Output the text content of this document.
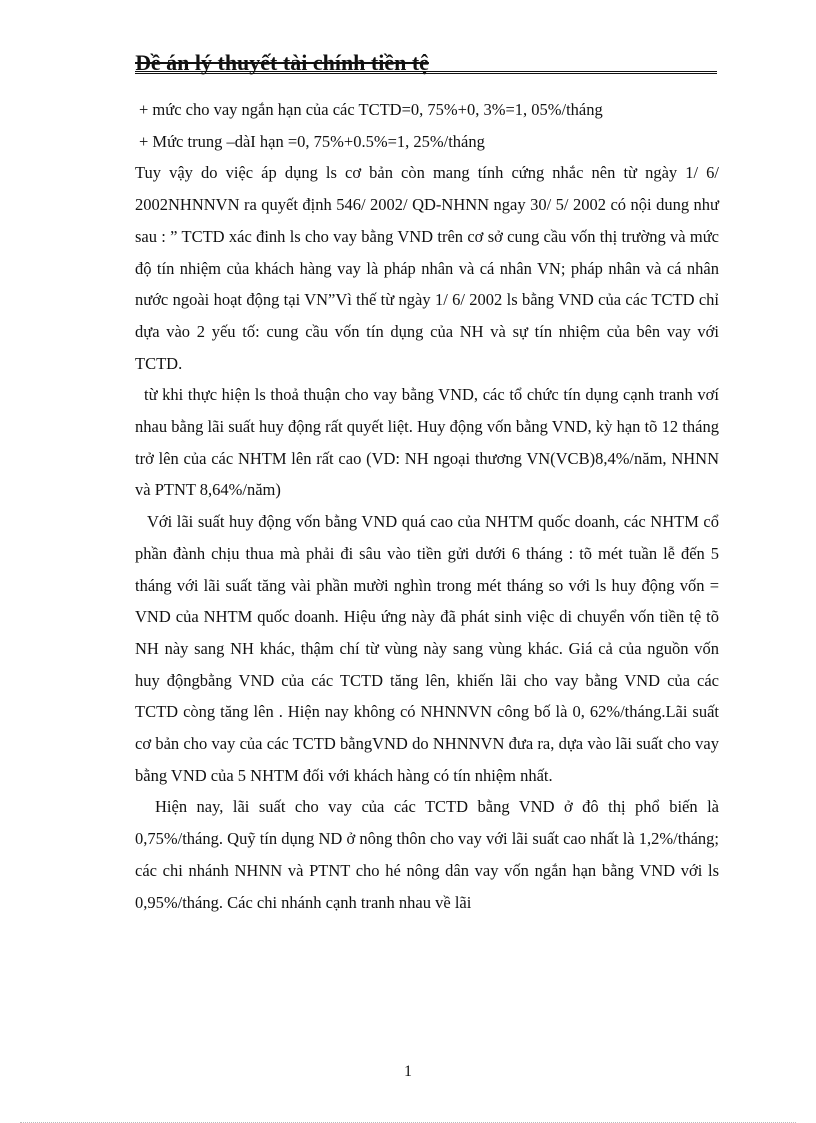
Đề án lý thuyết tài chính tiền tệ

+ mức cho vay ngắn hạn của các TCTD=0, 75%+0, 3%=1, 05%/tháng

+ Mức trung –dàI hạn =0, 75%+0.5%=1, 25%/tháng

Tuy vậy do việc áp dụng ls cơ bản còn mang tính cứng nhắc nên từ ngày 1/ 6/ 2002NHNNVN ra quyết định 546/ 2002/ QD-NHNN ngay 30/ 5/ 2002 có nội dung như sau : ” TCTD xác đinh ls cho vay bằng VND trên cơ sở cung cầu vốn thị trường và mức độ tín nhiệm của khách hàng vay là pháp nhân và cá nhân VN; pháp nhân và cá nhân nước ngoài hoạt động tại VN”Vì thế từ ngày 1/ 6/ 2002 ls bằng VND của các TCTD chỉ dựa vào 2 yếu tố: cung cầu vốn tín dụng của NH và sự tín nhiệm của bên vay với TCTD.

từ khi thực hiện ls thoả thuận cho vay bằng VND, các tổ chức tín dụng cạnh tranh vơí nhau bằng lãi suất huy động rất quyết liệt. Huy động vốn bằng VND, kỳ hạn tõ 12 tháng trở lên của các NHTM lên rất cao (VD: NH ngoại thương VN(VCB)8,4%/năm, NHNN và PTNT 8,64%/năm)

Với lãi suất huy động vốn bằng VND quá cao của NHTM quốc doanh, các NHTM cổ phần đành chịu thua mà phải đi sâu vào tiền gửi dưới 6 tháng : tõ mét tuần lễ đến 5 tháng với lãi suất tăng vài phần mười nghìn trong mét tháng so với ls huy động vốn = VND của NHTM quốc doanh. Hiệu ứng này đã phát sinh việc di chuyển vốn tiền tệ tõ NH này sang NH khác, thậm chí từ vùng này sang vùng khác. Giá cả của nguồn vốn huy độngbằng VND của các TCTD tăng lên, khiến lãi cho vay bằng VND của các TCTD còng tăng lên . Hiện nay không có NHNNVN công bố là 0, 62%/tháng.Lãi suất cơ bản cho vay của các TCTD bằngVND do NHNNVN đưa ra, dựa vào lãi suất cho vay bằng VND của 5 NHTM đối với khách hàng có tín nhiệm nhất.

Hiện nay, lãi suất cho vay của các TCTD bằng VND ở đô thị phổ biến là 0,75%/tháng. Quỹ tín dụng ND ở nông thôn cho vay với lãi suất cao nhất là 1,2%/tháng; các chi nhánh NHNN và PTNT cho hé nông dân vay vốn ngắn hạn bằng VND với ls 0,95%/tháng. Các chi nhánh cạnh tranh nhau về lãi

1
